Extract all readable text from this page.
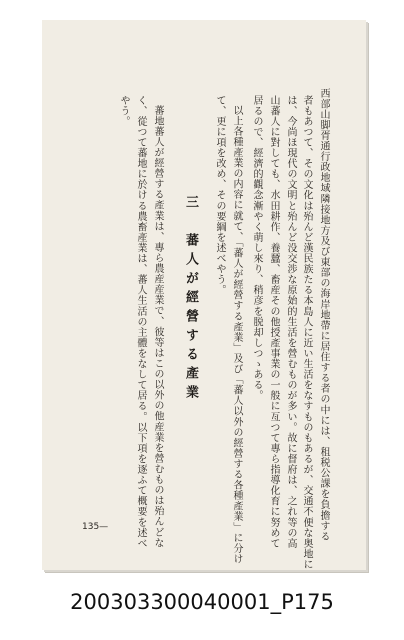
西部山脚胥通行政地域隣接地方及び東部の海岸地帶に居住する者の中には、租税公課を負擔する
者もあつて、その文化は殆んど漢民族たる本島人に近い生活をなすものもあるが、交通不便な奥地に
は、今尚ほ現代の文明と殆んど没交渉な原始的生活を營むものが多い。故に督府は、之れ等の高
山蕃人に對しても、水田耕作、養蠶、畜産その他授產事業の一般に亙つて專ら指導化育に努めて
居るので、經濟的觀念漸やく萌し來り、稍彦を脱却しつゝある。
以上各種產業の内容に就て、「蕃人が經營する產業」及び「蕃人以外の經營する各種產業」に分け
て、更に項を改め、その要綱を述べやう。
三　蕃人が經營する產業
蕃地蕃人が經營する產業は、專ら農産産業で、彼等はこの以外の他産業を營むものは殆んどな
く、從つて蕃地に於ける農畜產業は、蕃人生活の主體をなして居る。以下項を逐ふて概要を述べ
やう。
135—
200303300040001_P175
